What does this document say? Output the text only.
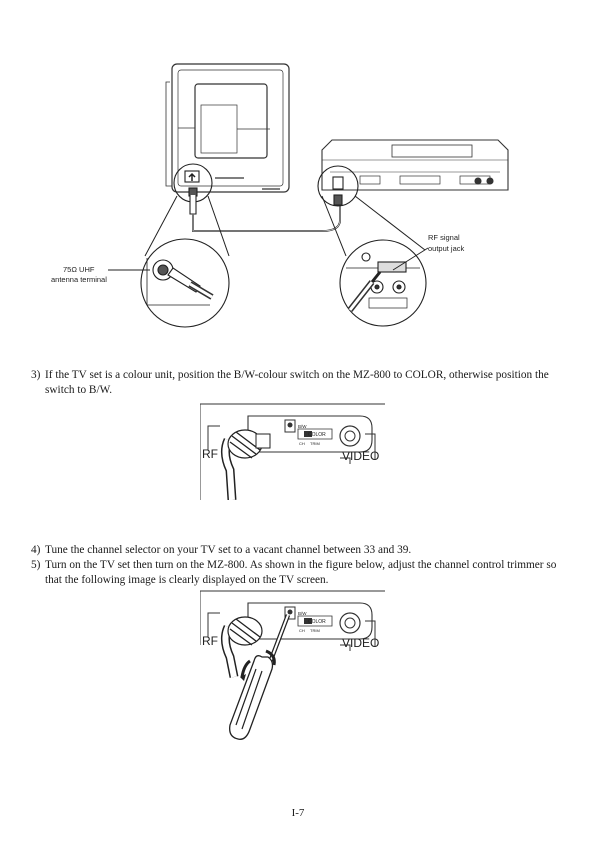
RF signal
output jack
75Ω UHF
antenna terminal
3) If the TV set is a colour unit, position the B/W-colour switch on the MZ-800 to COLOR, otherwise position the switch to B/W.
B/W
COLOR
CH TRIM
RF	VIDEO
4) Tune the channel selector on your TV set to a vacant channel between 33 and 39.
5) Turn on the TV set then turn on the MZ-800. As shown in the figure below, adjust the channel control trimmer so that the following image is clearly displayed on the TV screen.
B/W
COLOR
CH TRIM
RF	VIDEO
I-7
